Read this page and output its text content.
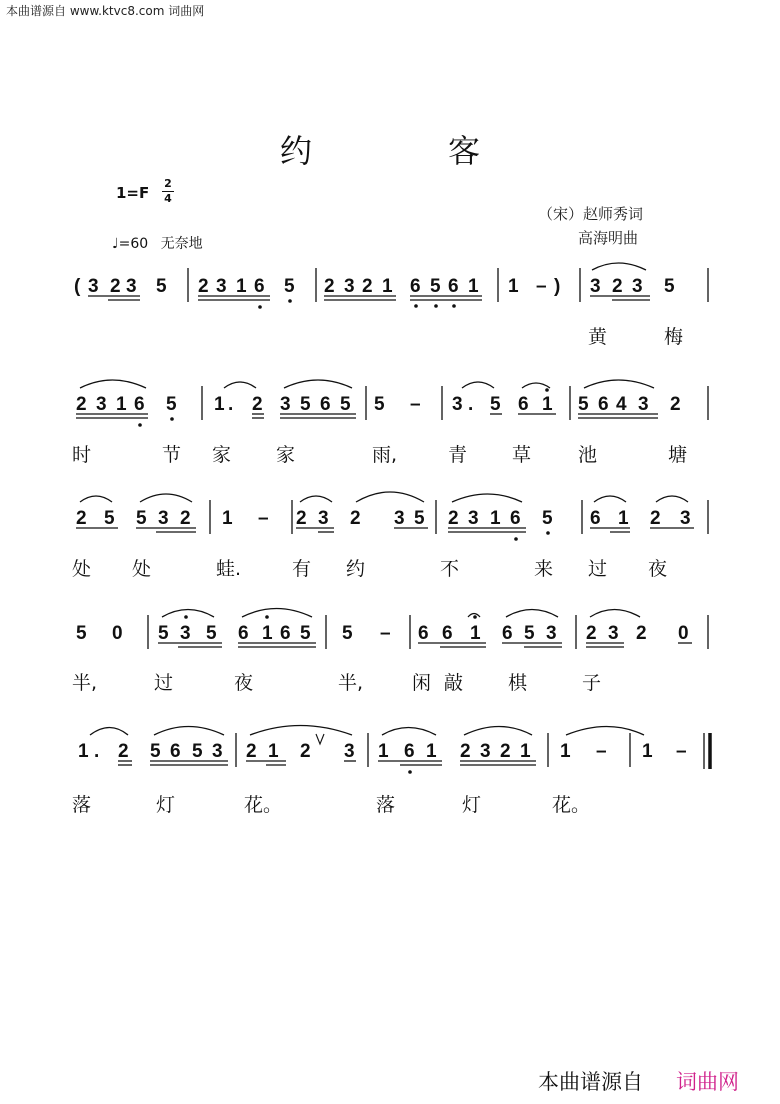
本曲谱源自 www.ktvc8.com 词曲网
约	客
1=F
2
4
♩=60 无奈地
（宋）赵师秀词
高海明曲
( 3 2 3 5 2 3 1 6 5 2 3 2 1 6 5 6 1 1 – ) 3 2 3 5
2 3 1 6 5 1 . 2 3 5 6 5 5 – 3 . 5 6 1 5 6 4 3 2
2 5 5 3 2 1 – 2 3 2 3 5 2 3 1 6 5 6 1 2 3
5 0 5 3 5 6 1 6 5 5 – 6 6 1 6 5 3 2 3 2 0
1 . 2 5 6 5 3 2 1 2 3 1 6 1 2 3 2 1 1 – 1 –
黄	梅
时	节 家 家	雨,	青 草 池	塘
处 处	蛙.	有 约	不	来 过 夜
半,	过	夜	半,	闲 敲 棋	子
落	灯	花。	落	灯	花。
本曲谱源自 词曲网
